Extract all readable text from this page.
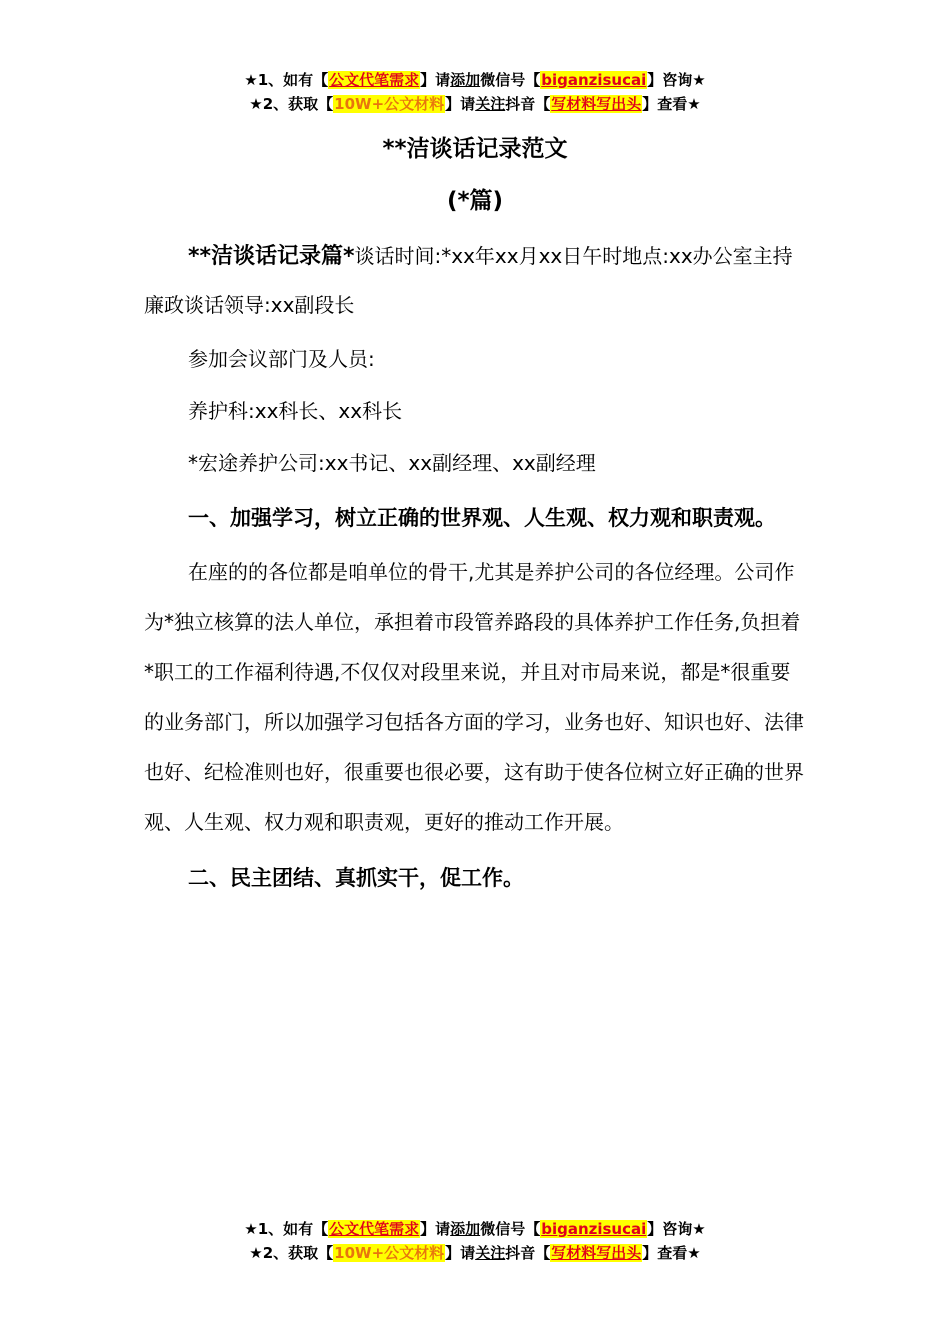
★1、如有【公文代笔需求】请添加微信号【biganzisucai】咨询★
★2、获取【10W+公文材料】请关注抖音【写材料写出头】查看★
**洁谈话记录范文
(*篇)

**洁谈话记录篇*谈话时间:*xx年xx月xx日午时地点:xx办公室主持廉政谈话领导:xx副段长

参加会议部门及人员:

养护科:xx科长、xx科长

*宏途养护公司:xx书记、xx副经理、xx副经理

一、加强学习，树立正确的世界观、人生观、权力观和职责观。

在座的的各位都是咱单位的骨干,尤其是养护公司的各位经理。公司作为*独立核算的法人单位，承担着市段管养路段的具体养护工作任务,负担着*职工的工作福利待遇,不仅仅对段里来说，并且对市局来说，都是*很重要的业务部门，所以加强学习包括各方面的学习，业务也好、知识也好、法律也好、纪检准则也好，很重要也很必要，这有助于使各位树立好正确的世界观、人生观、权力观和职责观，更好的推动工作开展。

二、民主团结、真抓实干，促工作。

★1、如有【公文代笔需求】请添加微信号【biganzisucai】咨询★
★2、获取【10W+公文材料】请关注抖音【写材料写出头】查看★
